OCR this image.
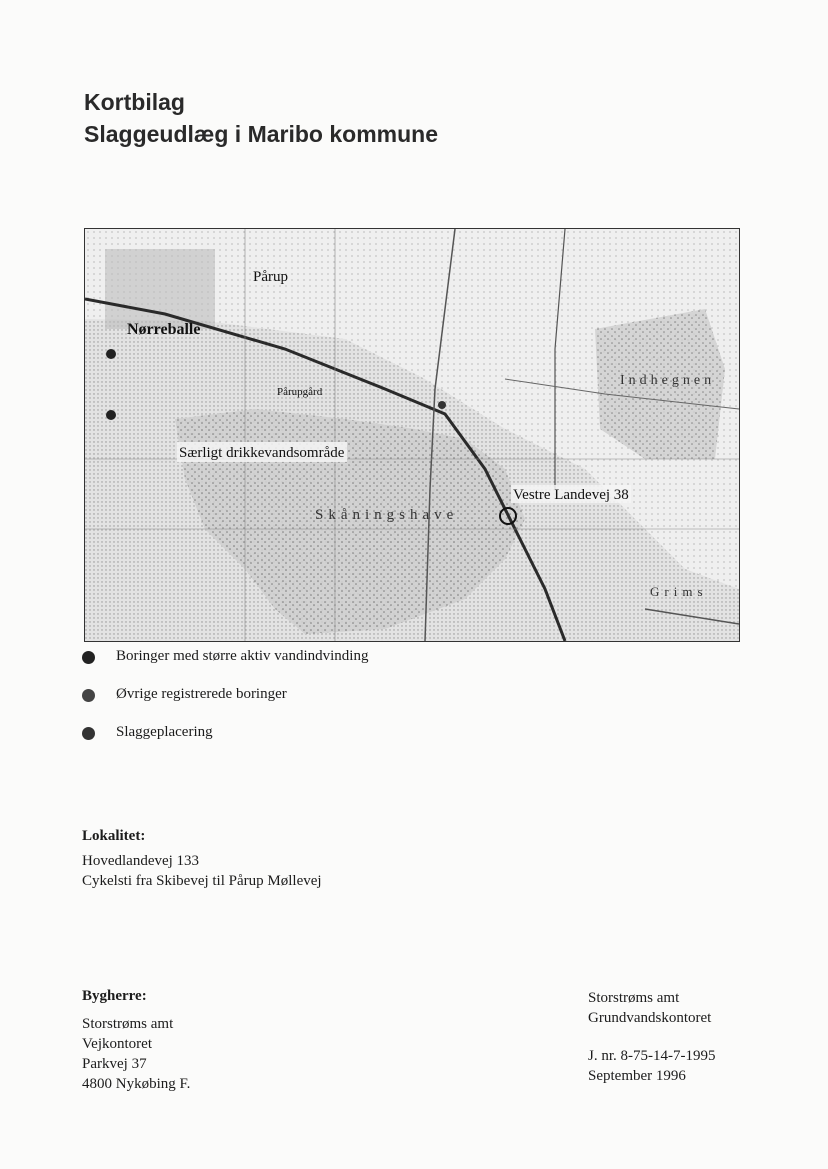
Kortbilag
Slaggeudlæg i Maribo kommune
Nørreballe
Pårup
Pårupgård
Særligt drikkevandsområde
Skåningshave
Vestre Landevej 38
Indhegnen
Grims
Boringer med større aktiv vandindvinding
Øvrige registrerede boringer
Slaggeplacering
Lokalitet:
Hovedlandevej 133
Cykelsti fra Skibevej til Pårup Møllevej
Bygherre:
Storstrøms amt
Vejkontoret
Parkvej 37
4800 Nykøbing F.
Storstrøms amt
Grundvandskontoret
J. nr. 8-75-14-7-1995
September 1996
